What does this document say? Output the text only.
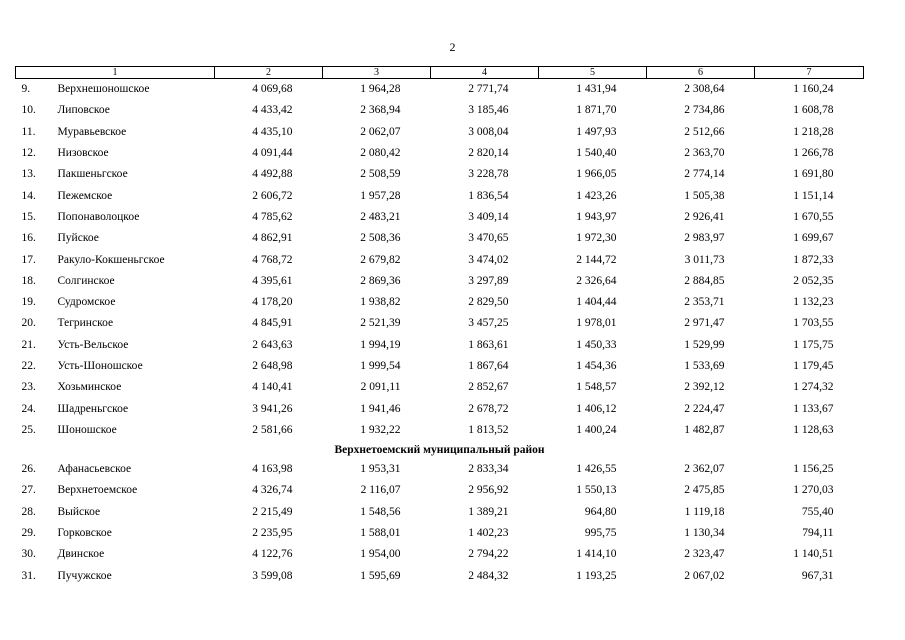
2
1	2	3	4	5	6	7
9. Верхнешоношское	4 069,68	1 964,28	2 771,74	1 431,94	2 308,64	1 160,24
10. Липовское	4 433,42	2 368,94	3 185,46	1 871,70	2 734,86	1 608,78
11. Муравьевское	4 435,10	2 062,07	3 008,04	1 497,93	2 512,66	1 218,28
12. Низовское	4 091,44	2 080,42	2 820,14	1 540,40	2 363,70	1 266,78
13. Пакшеньгское	4 492,88	2 508,59	3 228,78	1 966,05	2 774,14	1 691,80
14. Пежемское	2 606,72	1 957,28	1 836,54	1 423,26	1 505,38	1 151,14
15. Попонаволоцкое	4 785,62	2 483,21	3 409,14	1 943,97	2 926,41	1 670,55
16. Пуйское	4 862,91	2 508,36	3 470,65	1 972,30	2 983,97	1 699,67
17. Ракуло-Кокшеньгское	4 768,72	2 679,82	3 474,02	2 144,72	3 011,73	1 872,33
18. Солгинское	4 395,61	2 869,36	3 297,89	2 326,64	2 884,85	2 052,35
19. Судромское	4 178,20	1 938,82	2 829,50	1 404,44	2 353,71	1 132,23
20. Тегринское	4 845,91	2 521,39	3 457,25	1 978,01	2 971,47	1 703,55
21. Усть-Вельское	2 643,63	1 994,19	1 863,61	1 450,33	1 529,99	1 175,75
22. Усть-Шоношское	2 648,98	1 999,54	1 867,64	1 454,36	1 533,69	1 179,45
23. Хозьминское	4 140,41	2 091,11	2 852,67	1 548,57	2 392,12	1 274,32
24. Шадреньгское	3 941,26	1 941,46	2 678,72	1 406,12	2 224,47	1 133,67
25. Шоношское	2 581,66	1 932,22	1 813,52	1 400,24	1 482,87	1 128,63
Верхнетоемский муниципальный район						
26. Афанасьевское	4 163,98	1 953,31	2 833,34	1 426,55	2 362,07	1 156,25
27. Верхнетоемское	4 326,74	2 116,07	2 956,92	1 550,13	2 475,85	1 270,03
28. Выйское	2 215,49	1 548,56	1 389,21	964,80	1 119,18	755,40
29. Горковское	2 235,95	1 588,01	1 402,23	995,75	1 130,34	794,11
30. Двинское	4 122,76	1 954,00	2 794,22	1 414,10	2 323,47	1 140,51
31. Пучужское	3 599,08	1 595,69	2 484,32	1 193,25	2 067,02	967,31
